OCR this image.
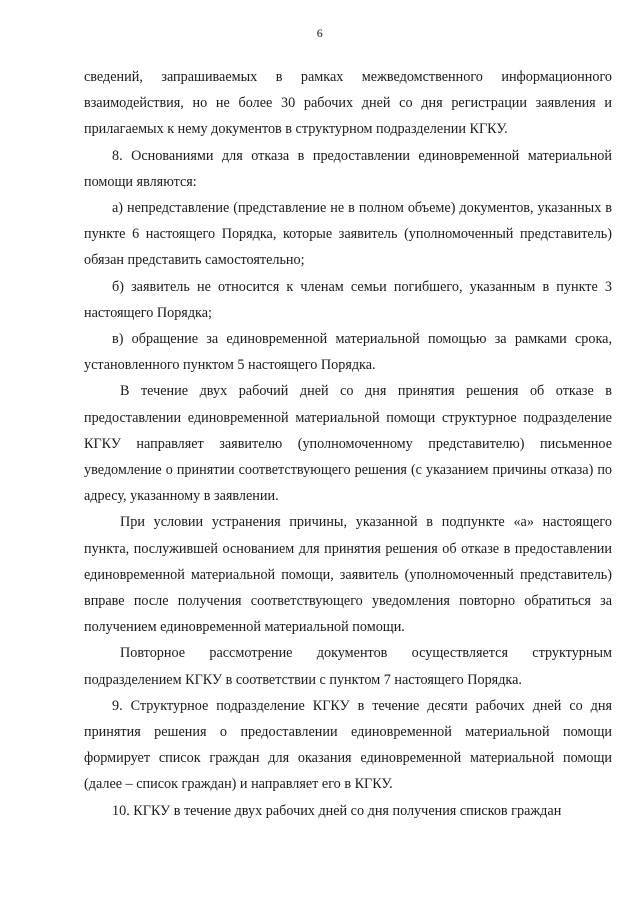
6

сведений, запрашиваемых в рамках межведомственного информационного взаимодействия, но не более 30 рабочих дней со дня регистрации заявления и прилагаемых к нему документов в структурном подразделении КГКУ.

8. Основаниями для отказа в предоставлении единовременной материальной помощи являются:

а) непредставление (представление не в полном объеме) документов, указанных в пункте 6 настоящего Порядка, которые заявитель (уполномоченный представитель) обязан представить самостоятельно;

б) заявитель не относится к членам семьи погибшего, указанным в пункте 3 настоящего Порядка;

в) обращение за единовременной материальной помощью за рамками срока, установленного пунктом 5 настоящего Порядка.

В течение двух рабочий дней со дня принятия решения об отказе в предоставлении единовременной материальной помощи структурное подразделение КГКУ направляет заявителю (уполномоченному представителю) письменное уведомление о принятии соответствующего решения (с указанием причины отказа) по адресу, указанному в заявлении.

При условии устранения причины, указанной в подпункте «а» настоящего пункта, послужившей основанием для принятия решения об отказе в предоставлении единовременной материальной помощи, заявитель (уполномоченный представитель) вправе после получения соответствующего уведомления повторно обратиться за получением единовременной материальной помощи.

Повторное рассмотрение документов осуществляется структурным подразделением КГКУ в соответствии с пунктом 7 настоящего Порядка.

9. Структурное подразделение КГКУ в течение десяти рабочих дней со дня принятия решения о предоставлении единовременной материальной помощи формирует список граждан для оказания единовременной материальной помощи (далее – список граждан) и направляет его в КГКУ.

10. КГКУ в течение двух рабочих дней со дня получения списков граждан
